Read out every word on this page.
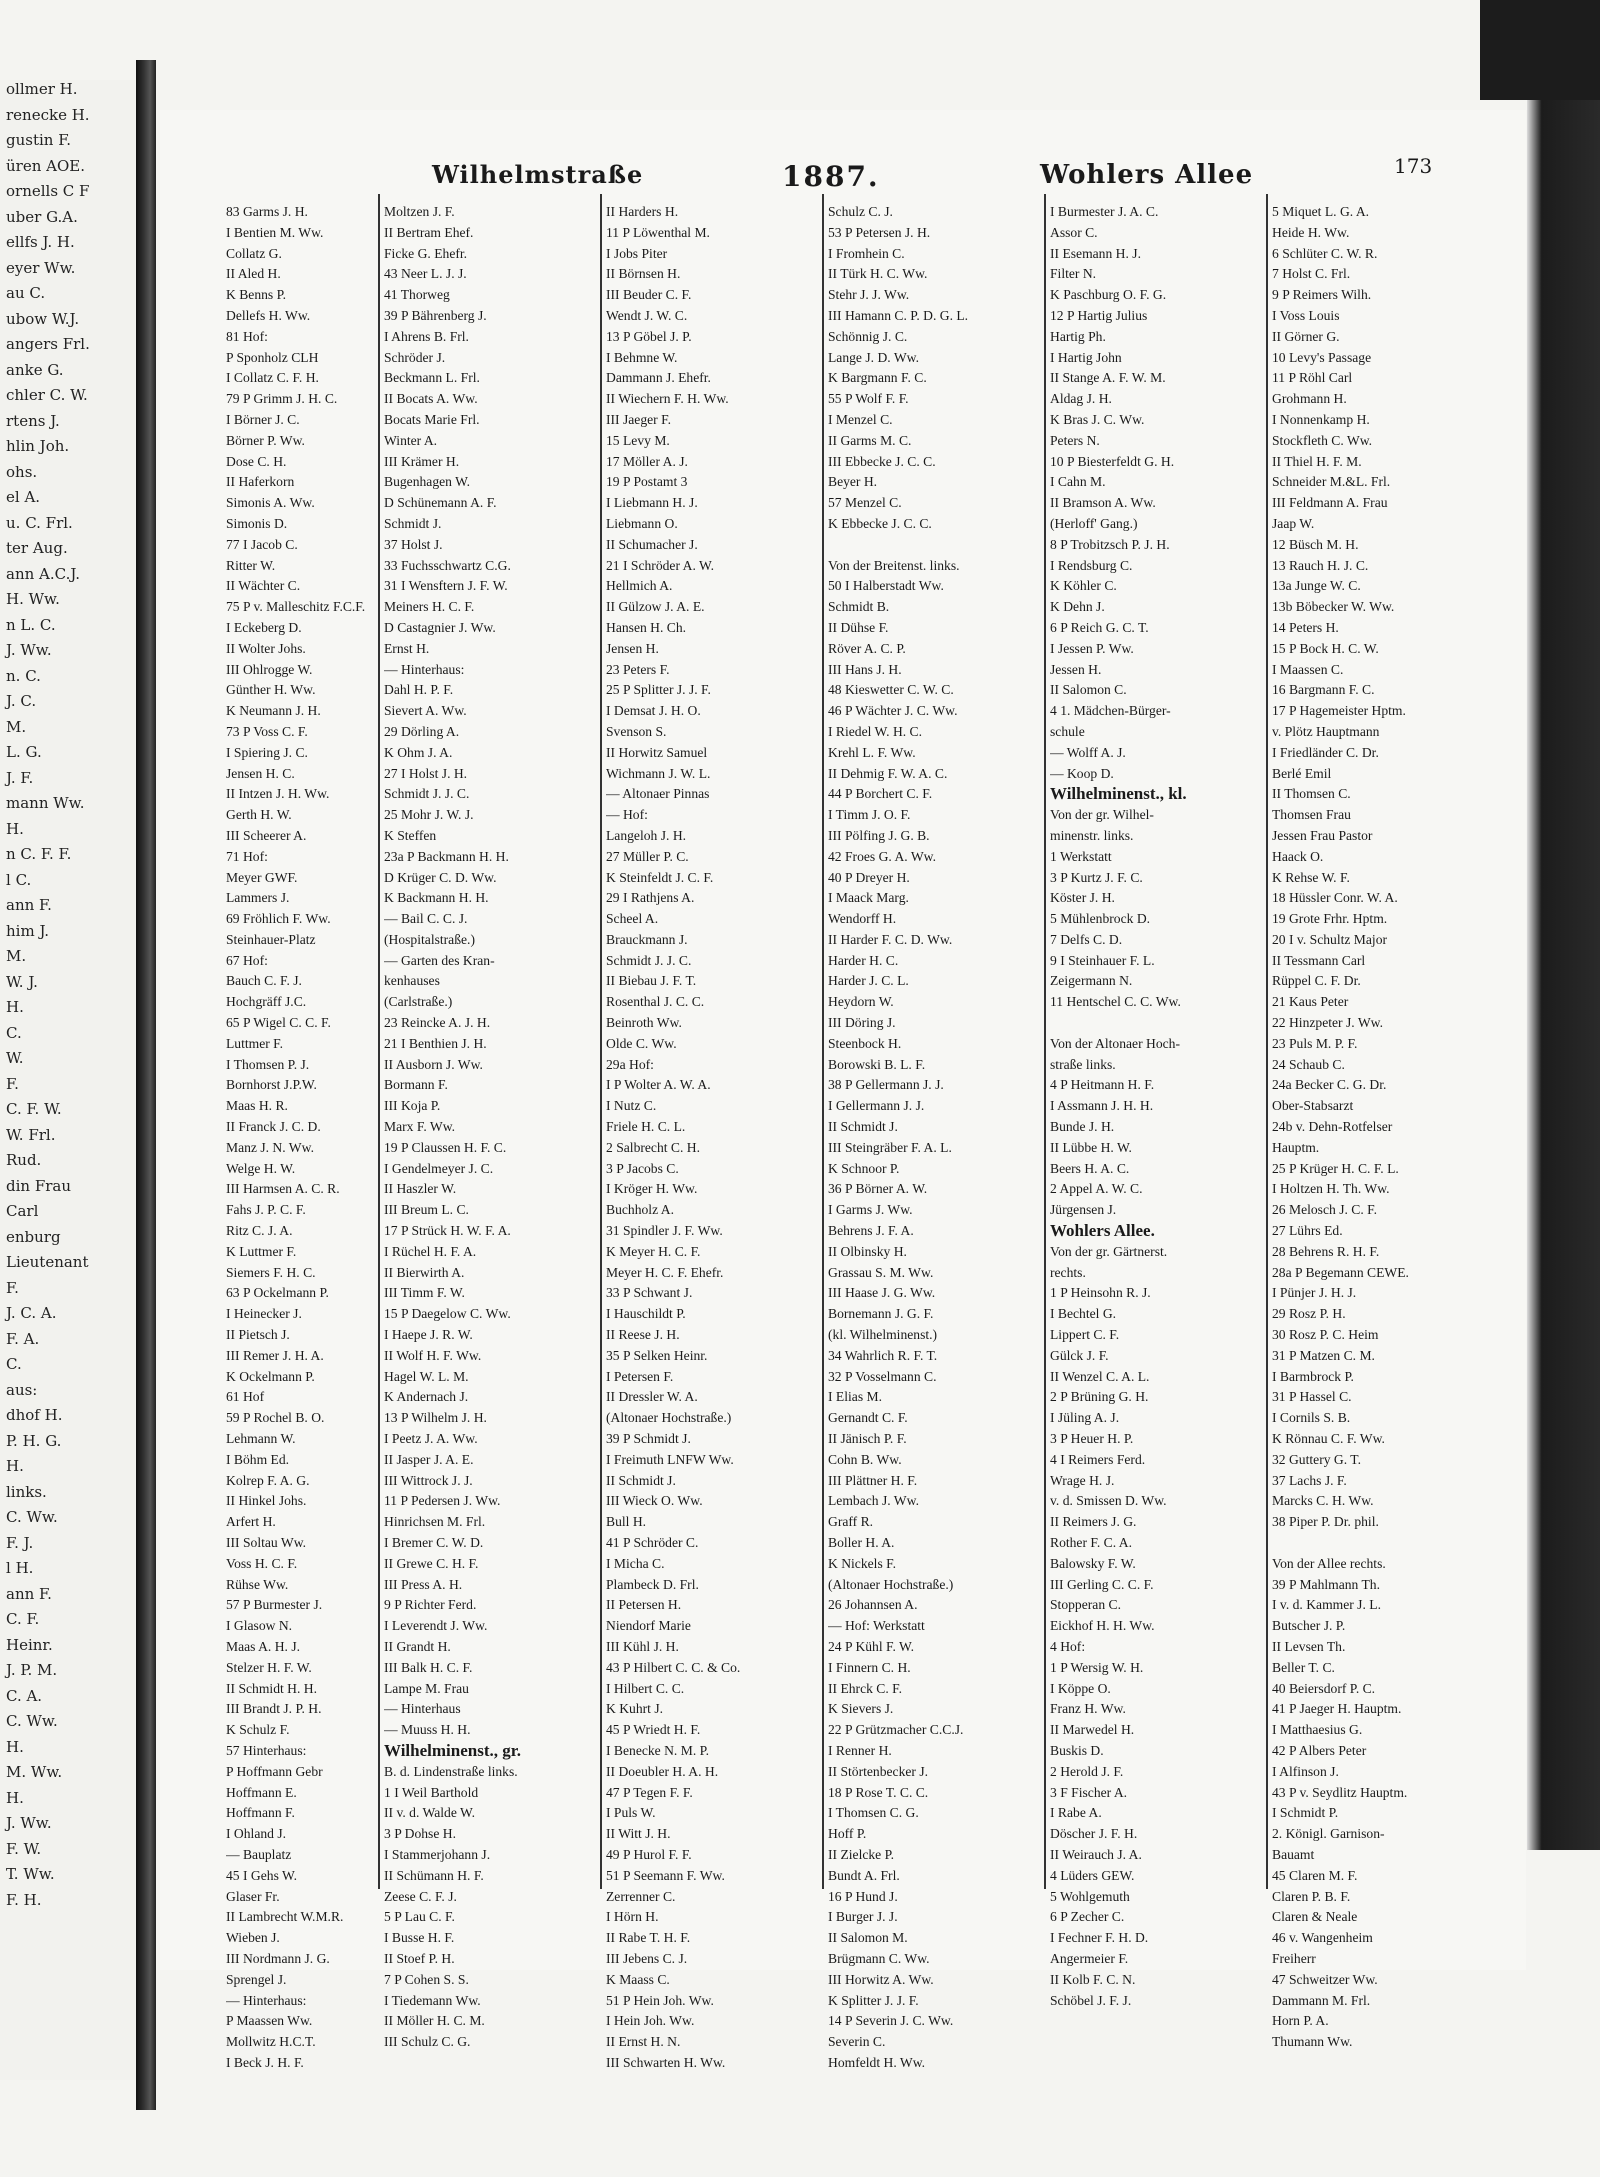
ollmer H.
renecke H.
gustin F.
üren AOE.
ornells C F
uber G.A.
ellfs J. H.
eyer Ww.
au C.
ubow W.J.
angers Frl.
anke G.
chler C. W.
rtens J.
hlin Joh.
ohs.
el A.
u. C. Frl.
ter Aug.
ann A.C.J.
H. Ww.
n L. C.
J. Ww.
n. C.
J. C.
M.
L. G.
J. F.
mann Ww.
H.
n C. F. F.
l C.
ann F.
him J.
M.
W. J.
H.
C.
W.
F.
C. F. W.
W. Frl.
Rud.
din Frau
Carl
enburg
Lieutenant
F.
J. C. A.
F. A.
C.
aus:
dhof H.
P. H. G.
H.
links.
C. Ww.
F. J.
l H.
ann F.
C. F.
Heinr.
J. P. M.
C. A.
C. Ww.
H.
M. Ww.
H.
J. Ww.
F. W.
T. Ww.
F. H.
Wilhelmstraße	1887.	Wohlers Allee	173
83 Garms J. H.
I Bentien M. Ww.
Collatz G.
II Aled H.
K Benns P.
Dellefs H. Ww.
81 Hof:
P Sponholz CLH
I Collatz C. F. H.
79 P Grimm J. H. C.
I Börner J. C.
Börner P. Ww.
Dose C. H.
II Haferkorn
Simonis A. Ww.
Simonis D.
77 I Jacob C.
Ritter W.
II Wächter C.
75 P v. Malleschitz F.C.F.
I Eckeberg D.
II Wolter Johs.
III Ohlrogge W.
Günther H. Ww.
K Neumann J. H.
73 P Voss C. F.
I Spiering J. C.
Jensen H. C.
II Intzen J. H. Ww.
Gerth H. W.
III Scheerer A.
71 Hof:
Meyer GWF.
Lammers J.
69 Fröhlich F. Ww.
Steinhauer-Platz
67 Hof:
Bauch C. F. J.
Hochgräff J.C.
65 P Wigel C. C. F.
Luttmer F.
I Thomsen P. J.
Bornhorst J.P.W.
Maas H. R.
II Franck J. C. D.
Manz J. N. Ww.
Welge H. W.
III Harmsen A. C. R.
Fahs J. P. C. F.
Ritz C. J. A.
K Luttmer F.
Siemers F. H. C.
63 P Ockelmann P.
I Heinecker J.
II Pietsch J.
III Remer J. H. A.
K Ockelmann P.
61 Hof
59 P Rochel B. O.
Lehmann W.
I Böhm Ed.
Kolrep F. A. G.
II Hinkel Johs.
Arfert H.
III Soltau Ww.
Voss H. C. F.
Rühse Ww.
57 P Burmester J.
I Glasow N.
Maas A. H. J.
Stelzer H. F. W.
II Schmidt H. H.
III Brandt J. P. H.
K Schulz F.
57 Hinterhaus:
P Hoffmann Gebr
Hoffmann E.
Hoffmann F.
I Ohland J.
— Bauplatz
45 I Gehs W.
Glaser Fr.
II Lambrecht W.M.R.
Wieben J.
III Nordmann J. G.
Sprengel J.
— Hinterhaus:
P Maassen Ww.
Mollwitz H.C.T.
I Beck J. H. F.
Moltzen J. F.
II Bertram Ehef.
Ficke G. Ehefr.
43 Neer L. J. J.
41 Thorweg
39 P Bährenberg J.
I Ahrens B. Frl.
Schröder J.
Beckmann L. Frl.
II Bocats A. Ww.
Bocats Marie Frl.
Winter A.
III Krämer H.
Bugenhagen W.
D Schünemann A. F.
Schmidt J.
37 Holst J.
33 Fuchsschwartz C.G.
31 I Wensftern J. F. W.
Meiners H. C. F.
D Castagnier J. Ww.
Ernst H.
— Hinterhaus:
Dahl H. P. F.
Sievert A. Ww.
29 Dörling A.
K Ohm J. A.
27 I Holst J. H.
Schmidt J. J. C.
25 Mohr J. W. J.
K Steffen
23a P Backmann H. H.
D Krüger C. D. Ww.
K Backmann H. H.
— Bail C. C. J.
(Hospitalstraße.)
— Garten des Kran-
kenhauses
(Carlstraße.)
23 Reincke A. J. H.
21 I Benthien J. H.
II Ausborn J. Ww.
Bormann F.
III Koja P.
Marx F. Ww.
19 P Claussen H. F. C.
I Gendelmeyer J. C.
II Haszler W.
III Breum L. C.
17 P Strück H. W. F. A.
I Rüchel H. F. A.
II Bierwirth A.
III Timm F. W.
15 P Daegelow C. Ww.
I Haepe J. R. W.
II Wolf H. F. Ww.
Hagel W. L. M.
K Andernach J.
13 P Wilhelm J. H.
I Peetz J. A. Ww.
II Jasper J. A. E.
III Wittrock J. J.
11 P Pedersen J. Ww.
Hinrichsen M. Frl.
I Bremer C. W. D.
II Grewe C. H. F.
III Press A. H.
9 P Richter Ferd.
I Leverendt J. Ww.
II Grandt H.
III Balk H. C. F.
Lampe M. Frau
— Hinterhaus
— Muuss H. H.
Wilhelminenst., gr.
B. d. Lindenstraße links.
1 I Weil Barthold
II v. d. Walde W.
3 P Dohse H.
I Stammerjohann J.
II Schümann H. F.
Zeese C. F. J.
5 P Lau C. F.
I Busse H. F.
II Stoef P. H.
7 P Cohen S. S.
I Tiedemann Ww.
II Möller H. C. M.
III Schulz C. G.
II Harders H.
11 P Löwenthal M.
I Jobs Piter
II Börnsen H.
III Beuder C. F.
Wendt J. W. C.
13 P Göbel J. P.
I Behmne W.
Dammann J. Ehefr.
II Wiechern F. H. Ww.
III Jaeger F.
15 Levy M.
17 Möller A. J.
19 P Postamt 3
I Liebmann H. J.
Liebmann O.
II Schumacher J.
21 I Schröder A. W.
Hellmich A.
II Gülzow J. A. E.
Hansen H. Ch.
Jensen H.
23 Peters F.
25 P Splitter J. J. F.
I Demsat J. H. O.
Svenson S.
II Horwitz Samuel
Wichmann J. W. L.
— Altonaer Pinnas
— Hof:
Langeloh J. H.
27 Müller P. C.
K Steinfeldt J. C. F.
29 I Rathjens A.
Scheel A.
Brauckmann J.
Schmidt J. J. C.
II Biebau J. F. T.
Rosenthal J. C. C.
Beinroth Ww.
Olde C. Ww.
29a Hof:
I P Wolter A. W. A.
I Nutz C.
Friele H. C. L.
2 Salbrecht C. H.
3 P Jacobs C.
I Kröger H. Ww.
Buchholz A.
31 Spindler J. F. Ww.
K Meyer H. C. F.
Meyer H. C. F. Ehefr.
33 P Schwant J.
I Hauschildt P.
II Reese J. H.
35 P Selken Heinr.
I Petersen F.
II Dressler W. A.
(Altonaer Hochstraße.)
39 P Schmidt J.
I Freimuth LNFW Ww.
II Schmidt J.
III Wieck O. Ww.
Bull H.
41 P Schröder C.
I Micha C.
Plambeck D. Frl.
II Petersen H.
Niendorf Marie
III Kühl J. H.
43 P Hilbert C. C. & Co.
I Hilbert C. C.
K Kuhrt J.
45 P Wriedt H. F.
I Benecke N. M. P.
II Doeubler H. A. H.
47 P Tegen F. F.
I Puls W.
II Witt J. H.
49 P Hurol F. F.
51 P Seemann F. Ww.
Zerrenner C.
I Hörn H.
II Rabe T. H. F.
III Jebens C. J.
K Maass C.
51 P Hein Joh. Ww.
I Hein Joh. Ww.
II Ernst H. N.
III Schwarten H. Ww.
Schulz C. J.
53 P Petersen J. H.
I Fromhein C.
II Türk H. C. Ww.
Stehr J. J. Ww.
III Hamann C. P. D. G. L.
Schönnig J. C.
Lange J. D. Ww.
K Bargmann F. C.
55 P Wolf F. F.
I Menzel C.
II Garms M. C.
III Ebbecke J. C. C.
Beyer H.
57 Menzel C.
K Ebbecke J. C. C.
Von der Breitenst. links.
50 I Halberstadt Ww.
Schmidt B.
II Dühse F.
Röver A. C. P.
III Hans J. H.
48 Kieswetter C. W. C.
46 P Wächter J. C. Ww.
I Riedel W. H. C.
Krehl L. F. Ww.
II Dehmig F. W. A. C.
44 P Borchert C. F.
I Timm J. O. F.
III Pölfing J. G. B.
42 Froes G. A. Ww.
40 P Dreyer H.
I Maack Marg.
Wendorff H.
II Harder F. C. D. Ww.
Harder H. C.
Harder J. C. L.
Heydorn W.
III Döring J.
Steenbock H.
Borowski B. L. F.
38 P Gellermann J. J.
I Gellermann J. J.
II Schmidt J.
III Steingräber F. A. L.
K Schnoor P.
36 P Börner A. W.
I Garms J. Ww.
Behrens J. F. A.
II Olbinsky H.
Grassau S. M. Ww.
III Haase J. G. Ww.
Bornemann J. G. F.
(kl. Wilhelminenst.)
34 Wahrlich R. F. T.
32 P Vosselmann C.
I Elias M.
Gernandt C. F.
II Jänisch P. F.
Cohn B. Ww.
III Plättner H. F.
Lembach J. Ww.
Graff R.
Boller H. A.
K Nickels F.
(Altonaer Hochstraße.)
26 Johannsen A.
— Hof: Werkstatt
24 P Kühl F. W.
I Finnern C. H.
II Ehrck C. F.
K Sievers J.
22 P Grützmacher C.C.J.
I Renner H.
II Störtenbecker J.
18 P Rose T. C. C.
I Thomsen C. G.
Hoff P.
II Zielcke P.
Bundt A. Frl.
16 P Hund J.
I Burger J. J.
II Salomon M.
Brügmann C. Ww.
III Horwitz A. Ww.
K Splitter J. J. F.
14 P Severin J. C. Ww.
Severin C.
Homfeldt H. Ww.
I Burmester J. A. C.
Assor C.
II Esemann H. J.
Filter N.
K Paschburg O. F. G.
12 P Hartig Julius
Hartig Ph.
I Hartig John
II Stange A. F. W. M.
Aldag J. H.
K Bras J. C. Ww.
Peters N.
10 P Biesterfeldt G. H.
I Cahn M.
II Bramson A. Ww.
(Herloff' Gang.)
8 P Trobitzsch P. J. H.
I Rendsburg C.
K Köhler C.
K Dehn J.
6 P Reich G. C. T.
I Jessen P. Ww.
Jessen H.
II Salomon C.
4 1. Mädchen-Bürger-
schule
— Wolff A. J.
— Koop D.
Wilhelminenst., kl.
Von der gr. Wilhel-
minenstr. links.
1 Werkstatt
3 P Kurtz J. F. C.
Köster J. H.
5 Mühlenbrock D.
7 Delfs C. D.
9 I Steinhauer F. L.
Zeigermann N.
11 Hentschel C. C. Ww.
Von der Altonaer Hoch-
straße links.
4 P Heitmann H. F.
I Assmann J. H. H.
Bunde J. H.
II Lübbe H. W.
Beers H. A. C.
2 Appel A. W. C.
Jürgensen J.
Wohlers Allee.
Von der gr. Gärtnerst.
rechts.
1 P Heinsohn R. J.
I Bechtel G.
Lippert C. F.
Gülck J. F.
II Wenzel C. A. L.
2 P Brüning G. H.
I Jüling A. J.
3 P Heuer H. P.
4 I Reimers Ferd.
Wrage H. J.
v. d. Smissen D. Ww.
II Reimers J. G.
Rother F. C. A.
Balowsky F. W.
III Gerling C. C. F.
Stopperan C.
Eickhof H. H. Ww.
4 Hof:
1 P Wersig W. H.
I Köppe O.
Franz H. Ww.
II Marwedel H.
Buskis D.
2 Herold J. F.
3 F Fischer A.
I Rabe A.
Döscher J. F. H.
II Weirauch J. A.
4 Lüders GEW.
5 Wohlgemuth
6 P Zecher C.
I Fechner F. H. D.
Angermeier F.
II Kolb F. C. N.
Schöbel J. F. J.
5 Miquet L. G. A.
Heide H. Ww.
6 Schlüter C. W. R.
7 Holst C. Frl.
9 P Reimers Wilh.
I Voss Louis
II Görner G.
10 Levy's Passage
11 P Röhl Carl
Grohmann H.
I Nonnenkamp H.
Stockfleth C. Ww.
II Thiel H. F. M.
Schneider M.&L. Frl.
III Feldmann A. Frau
Jaap W.
12 Büsch M. H.
13 Rauch H. J. C.
13a Junge W. C.
13b Böbecker W. Ww.
14 Peters H.
15 P Bock H. C. W.
I Maassen C.
16 Bargmann F. C.
17 P Hagemeister Hptm.
v. Plötz Hauptmann
I Friedländer C. Dr.
Berlé Emil
II Thomsen C.
Thomsen Frau
Jessen Frau Pastor
Haack O.
K Rehse W. F.
18 Hüssler Conr. W. A.
19 Grote Frhr. Hptm.
20 I v. Schultz Major
II Tessmann Carl
Rüppel C. F. Dr.
21 Kaus Peter
22 Hinzpeter J. Ww.
23 Puls M. P. F.
24 Schaub C.
24a Becker C. G. Dr.
Ober-Stabsarzt
24b v. Dehn-Rotfelser
Hauptm.
25 P Krüger H. C. F. L.
I Holtzen H. Th. Ww.
26 Melosch J. C. F.
27 Lührs Ed.
28 Behrens R. H. F.
28a P Begemann CEWE.
I Pünjer J. H. J.
29 Rosz P. H.
30 Rosz P. C. Heim
31 P Matzen C. M.
I Barmbrock P.
31 P Hassel C.
I Cornils S. B.
K Rönnau C. F. Ww.
32 Guttery G. T.
37 Lachs J. F.
Marcks C. H. Ww.
38 Piper P. Dr. phil.
Von der Allee rechts.
39 P Mahlmann Th.
I v. d. Kammer J. L.
Butscher J. P.
II Levsen Th.
Beller T. C.
40 Beiersdorf P. C.
41 P Jaeger H. Hauptm.
I Matthaesius G.
42 P Albers Peter
I Alfinson J.
43 P v. Seydlitz Hauptm.
I Schmidt P.
2. Königl. Garnison-
Bauamt
45 Claren M. F.
Claren P. B. F.
Claren & Neale
46 v. Wangenheim
Freiherr
47 Schweitzer Ww.
Dammann M. Frl.
Horn P. A.
Thumann Ww.
